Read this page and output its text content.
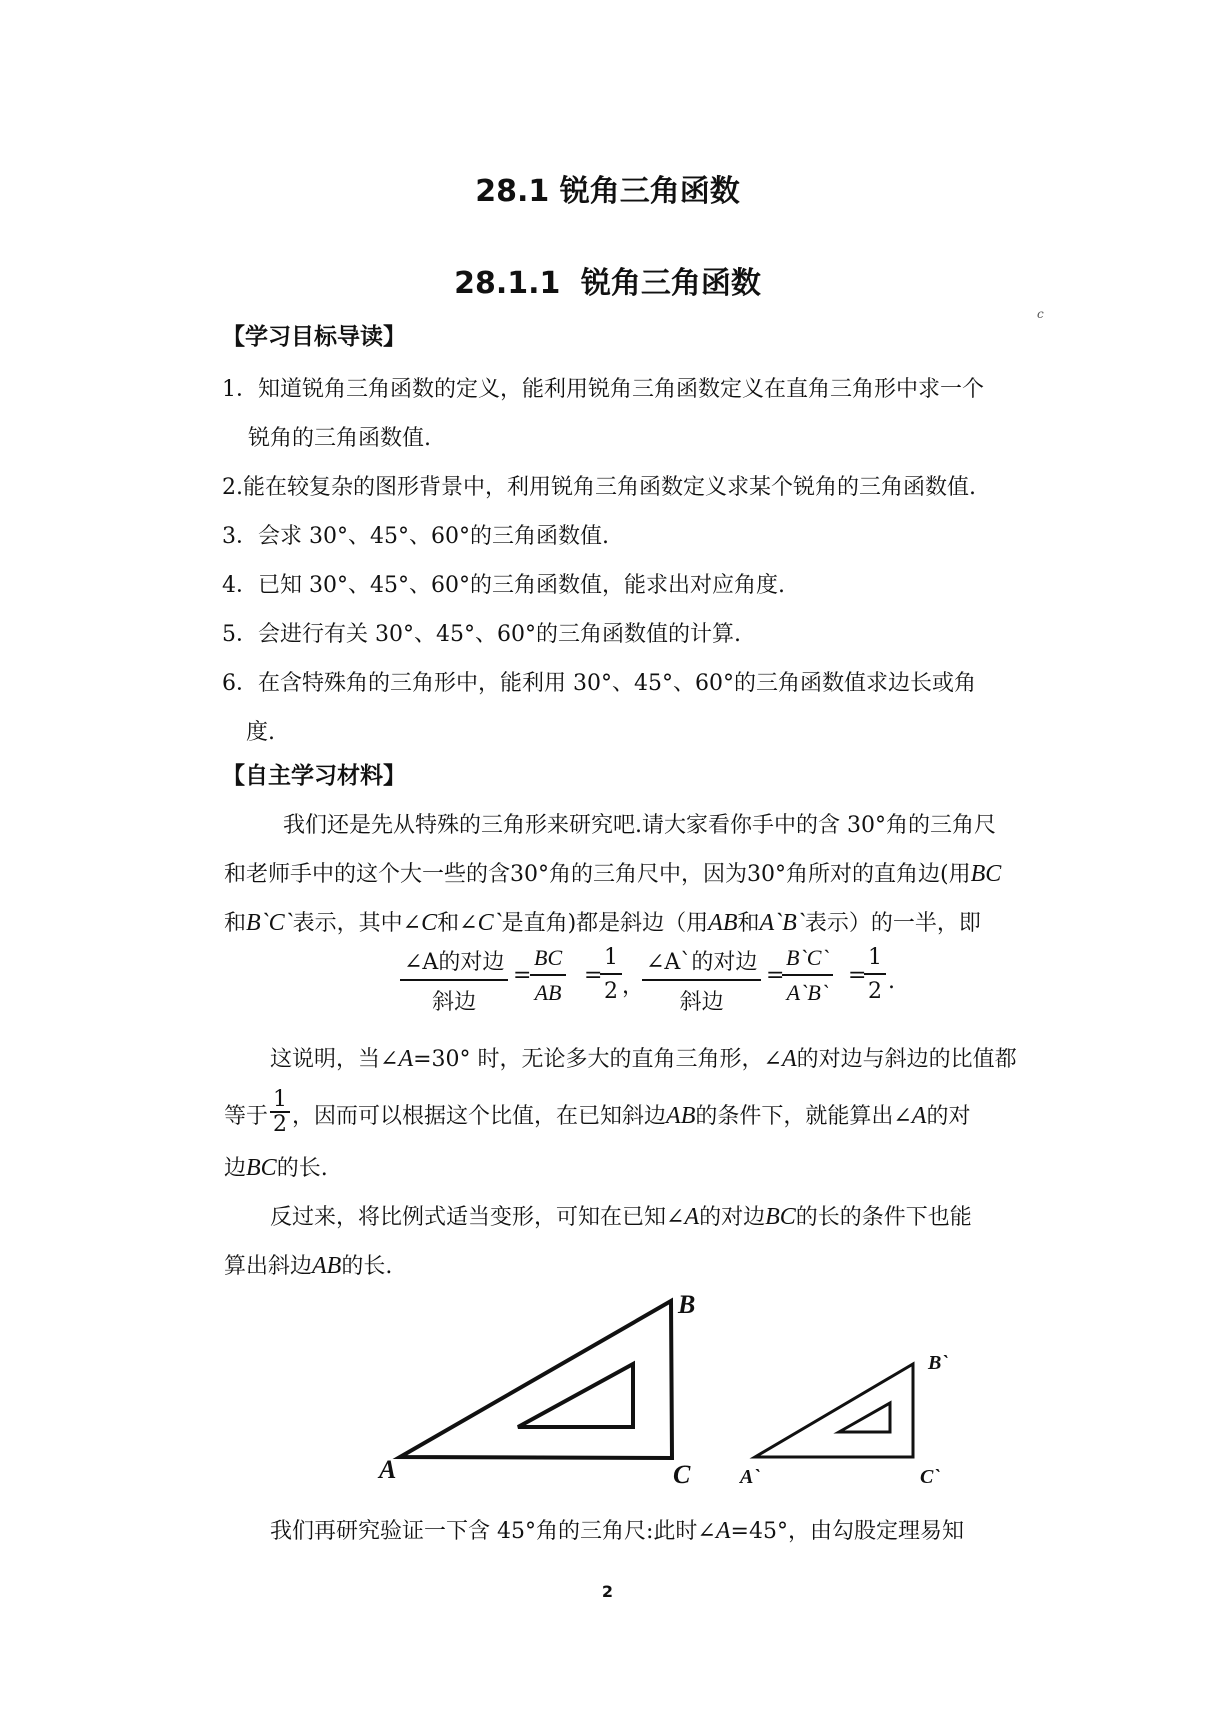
28.1 锐角三角函数
28.1.1 锐角三角函数
c
【学习目标导读】
1．知道锐角三角函数的定义，能利用锐角三角函数定义在直角三角形中求一个
锐角的三角函数值.
2.能在较复杂的图形背景中，利用锐角三角函数定义求某个锐角的三角函数值.
3．会求 30°、45°、60°的三角函数值.
4．已知 30°、45°、60°的三角函数值，能求出对应角度.
5．会进行有关 30°、45°、60°的三角函数值的计算.
6．在含特殊角的三角形中，能利用 30°、45°、60°的三角函数值求边长或角
度.
【自主学习材料】
我们还是先从特殊的三角形来研究吧.请大家看你手中的含 30°角的三角尺
和老师手中的这个大一些的含30°角的三角尺中，因为30°角所对的直角边(用BC
和B`C`表示，其中∠C和∠C`是直角)都是斜边（用AB和A`B`表示）的一半，即
∠A的对边
斜边
=
$\frac{BC}{AB}$ =
$\frac{1}{2}$ ，
∠A`的对边
斜边
=
$\frac{B`C`}{A`B`}$ =
$\frac{1}{2}$ .
这说明，当∠A=30° 时，无论多大的直角三角形，∠A的对边与斜边的比值都
等于 $\frac{1}{2}$ ，因而可以根据这个比值，在已知斜边AB的条件下，就能算出∠A的对
边BC的长.
反过来，将比例式适当变形，可知在已知∠A的对边BC的长的条件下也能
算出斜边AB的长.
B
A	C
B`
A`	C`
我们再研究验证一下含 45°角的三角尺:此时∠A=45°，由勾股定理易知
2
